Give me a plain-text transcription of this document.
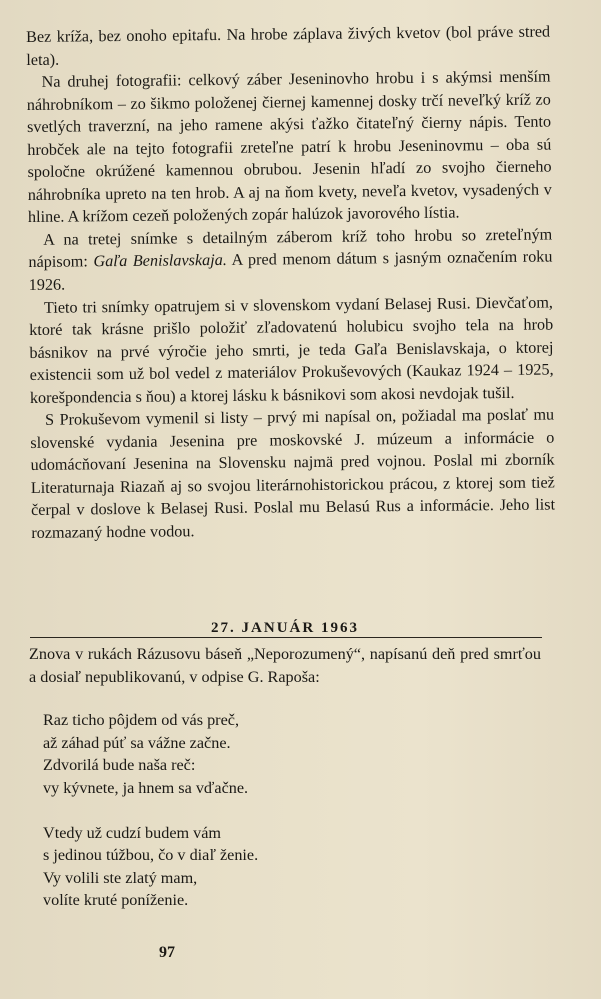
Bez kríža, bez onoho epitafu. Na hrobe záplava živých kvetov (bol práve stred leta).

Na druhej fotografii: celkový záber Jeseninovho hrobu i s akýmsi menším náhrobníkom – zo šikmo položenej čiernej kamennej dosky trčí neveľký kríž zo svetlých traverzní, na jeho ramene akýsi ťažko čitateľný čierny nápis. Tento hrobček ale na tejto fotografii zreteľne patrí k hrobu Jeseninovmu – oba sú spoločne okrúžené kamennou obrubou. Jesenin hľadí zo svojho čierneho náhrobníka upreto na ten hrob. A aj na ňom kvety, neveľa kvetov, vysadených v hline. A krížom cezeň položených zopár halúzok javorového lístia.

A na tretej snímke s detailným záberom kríž toho hrobu so zreteľným nápisom: Gaľa Benislavskaja. A pred menom dátum s jasným označením roku 1926.

Tieto tri snímky opatrujem si v slovenskom vydaní Belasej Rusi. Dievčaťom, ktoré tak krásne prišlo položiť zľadovatenú holubicu svojho tela na hrob básnikov na prvé výročie jeho smrti, je teda Gaľa Benislavskaja, o ktorej existencii som už bol vedel z materiálov Prokuševových (Kaukaz 1924 – 1925, korešpondencia s ňou) a ktorej lásku k básnikovi som akosi nevdojak tušil.

S Prokuševom vymenil si listy – prvý mi napísal on, požiadal ma poslať mu slovenské vydania Jesenina pre moskovské J. múzeum a informácie o udomácňovaní Jesenina na Slovensku najmä pred vojnou. Poslal mi zborník Literaturnaja Riazaň aj so svojou literárnohistorickou prácou, z ktorej som tiež čerpal v doslove k Belasej Rusi. Poslal mu Belasú Rus a informácie. Jeho list rozmazaný hodne vodou.

27. JANUÁR 1963

Znova v rukách Rázusovu báseň „Neporozumený“, napísanú deň pred smrťou a dosiaľ nepublikovanú, v odpise G. Rapoša:

Raz ticho pôjdem od vás preč,
až záhad púť sa vážne začne.
Zdvorilá bude naša reč:
vy kývnete, ja hnem sa vďačne.
Vtedy už cudzí budem vám
s jedinou túžbou, čo v diaľ ženie.
Vy volili ste zlatý mam,
volíte kruté poníženie.
97
